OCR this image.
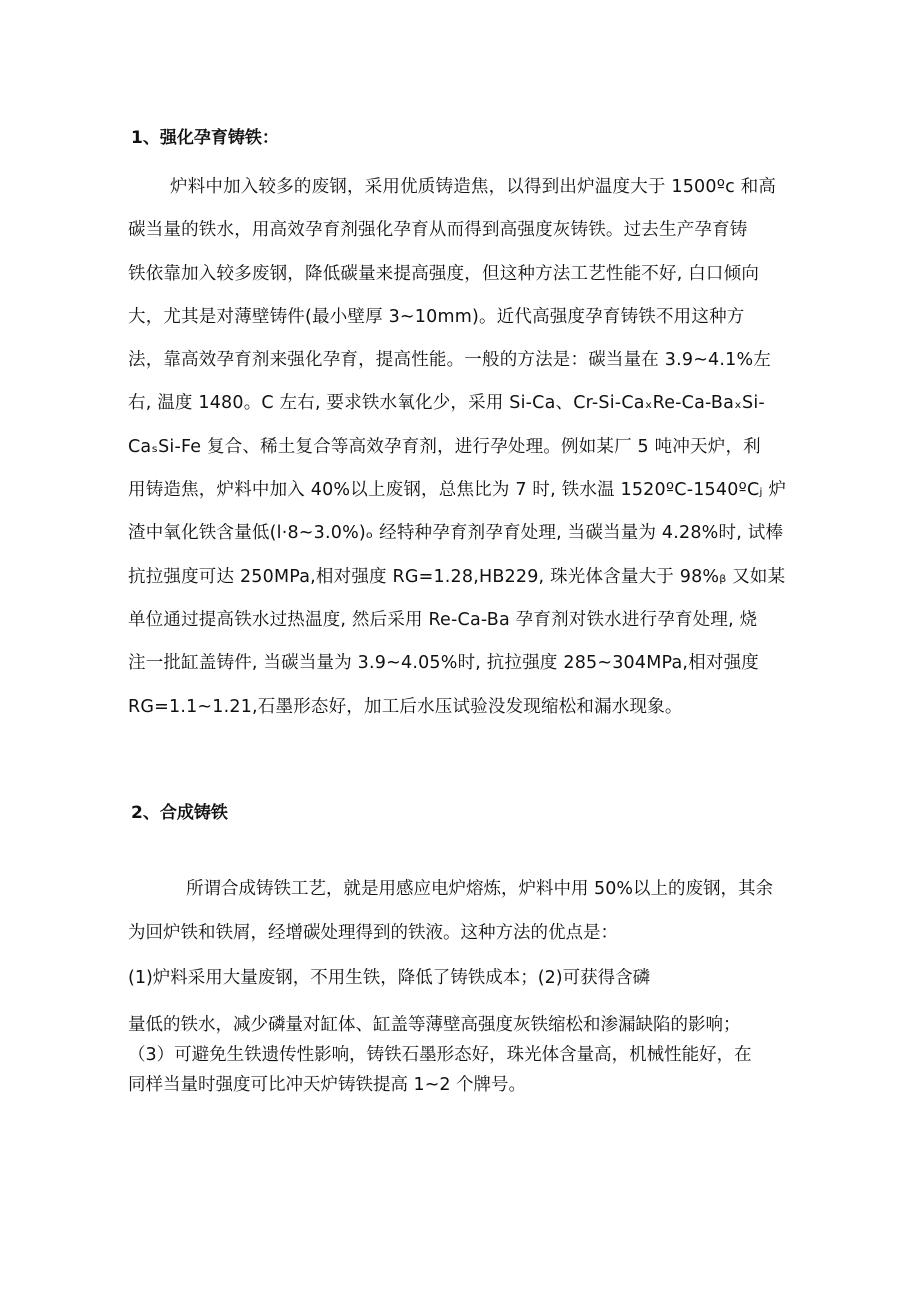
1、强化孕育铸铁：
炉料中加入较多的废钢，采用优质铸造焦，以得到出炉温度大于 1500ºc 和高
碳当量的铁水，用高效孕育剂强化孕育从而得到高强度灰铸铁。过去生产孕育铸
铁依靠加入较多废钢，降低碳量来提高强度，但这种方法工艺性能不好, 白口倾向
大，尤其是对薄壁铸件(最小壁厚 3~10mm)。近代高强度孕育铸铁不用这种方
法，靠高效孕育剂来强化孕育，提高性能。一般的方法是：碳当量在 3.9~4.1%左
右, 温度 1480。C 左右, 要求铁水氧化少，采用 Si-Ca、Cr-Si-CaₓRe-Ca-BaₓSi-
CaₛSi-Fe 复合、稀土复合等高效孕育剂，进行孕处理。例如某厂 5 吨冲天炉，利
用铸造焦，炉料中加入 40%以上废钢，总焦比为 7 时, 铁水温 1520ºC-1540ºCⱼ 炉
渣中氧化铁含量低(l·8~3.0%)ₒ 经特种孕育剂孕育处理, 当碳当量为 4.28%时, 试棒
抗拉强度可达 250MPa,相对强度 RG=1.28,HB229, 珠光体含量大于 98%ᵦ 又如某
单位通过提高铁水过热温度, 然后采用 Re-Ca-Ba 孕育剂对铁水进行孕育处理, 烧
注一批缸盖铸件, 当碳当量为 3.9~4.05%时, 抗拉强度 285~304MPa,相对强度
RG=1.1~1.21,石墨形态好，加工后水压试验没发现缩松和漏水现象。
2、合成铸铁
所谓合成铸铁工艺，就是用感应电炉熔炼，炉料中用 50%以上的废钢，其余
为回炉铁和铁屑，经增碳处理得到的铁液。这种方法的优点是：
(1)炉料采用大量废钢，不用生铁，降低了铸铁成本；(2)可获得含磷
量低的铁水，减少磷量对缸体、缸盖等薄壁高强度灰铁缩松和渗漏缺陷的影响；
（3）可避免生铁遗传性影响，铸铁石墨形态好，珠光体含量高，机械性能好，在
同样当量时强度可比冲天炉铸铁提高 1~2 个牌号。
